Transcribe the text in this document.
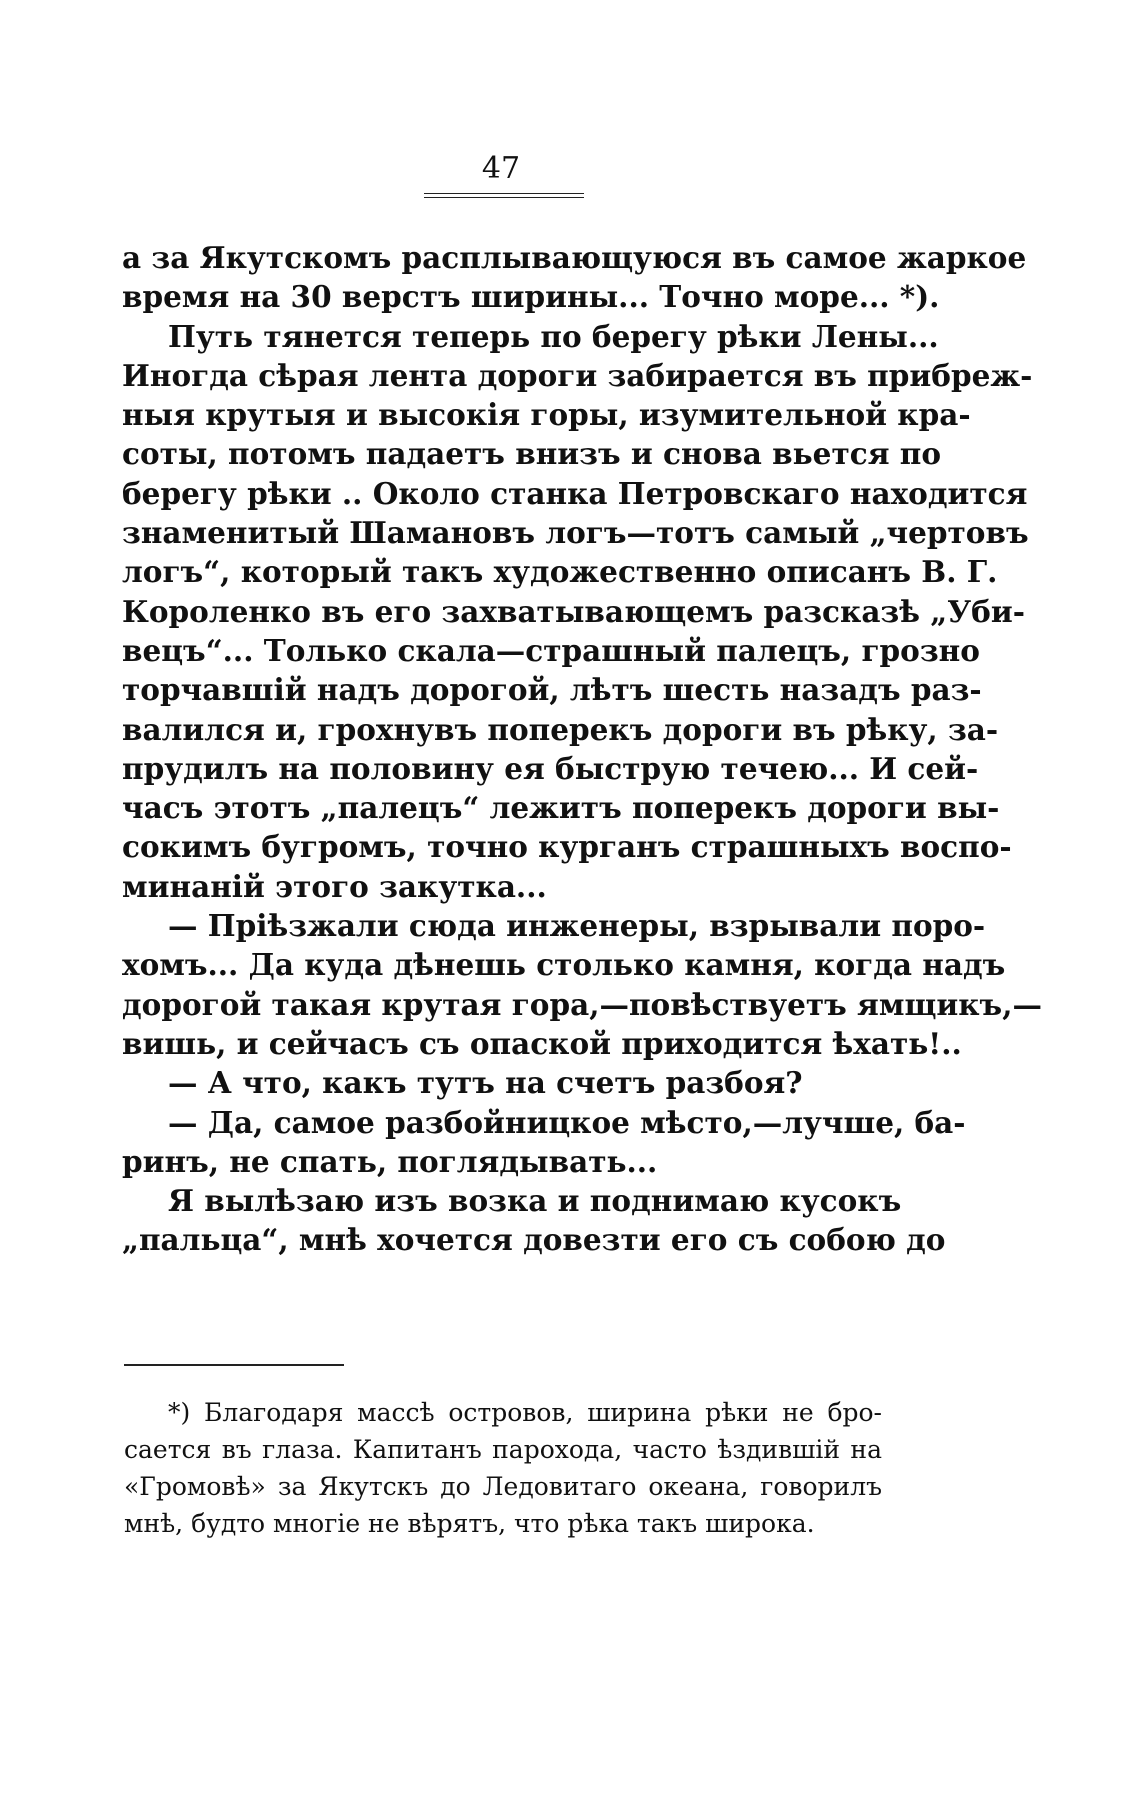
47
а за Якутскомъ расплывающуюся въ самое жаркое
время на 30 верстъ ширины... Точно море... *).
Путь тянется теперь по берегу рѣки Лены...
Иногда сѣрая лента дороги забирается въ прибреж-
ныя крутыя и высокія горы, изумительной кра-
соты, потомъ падаетъ внизъ и снова вьется по
берегу рѣки .. Около станка Петровскаго находится
знаменитый Шамановъ логъ—тотъ самый „чертовъ
логъ“, который такъ художественно описанъ В. Г.
Короленко въ его захватывающемъ разсказѣ „Уби-
вецъ“... Только скала—страшный палецъ, грозно
торчавшій надъ дорогой, лѣтъ шесть назадъ раз-
валился и, грохнувъ поперекъ дороги въ рѣку, за-
прудилъ на половину ея быструю течею... И сей-
часъ этотъ „палецъ“ лежитъ поперекъ дороги вы-
сокимъ бугромъ, точно курганъ страшныхъ воспо-
минаній этого закутка...
— Пріѣзжали сюда инженеры, взрывали поро-
хомъ... Да куда дѣнешь столько камня, когда надъ
дорогой такая крутая гора,—повѣствуетъ ямщикъ,—
вишь, и сейчасъ съ опаской приходится ѣхать!..
— А что, какъ тутъ на счетъ разбоя?
— Да, самое разбойницкое мѣсто,—лучше, ба-
ринъ, не спать, поглядывать...
Я вылѣзаю изъ возка и поднимаю кусокъ
„пальца“, мнѣ хочется довезти его съ собою до
*) Благодаря массѣ островов, ширина рѣки не бро-
сается въ глаза. Капитанъ парохода, часто ѣздившій на
«Громовѣ» за Якутскъ до Ледовитаго океана, говорилъ
мнѣ, будто многіе не вѣрятъ, что рѣка такъ широка.
